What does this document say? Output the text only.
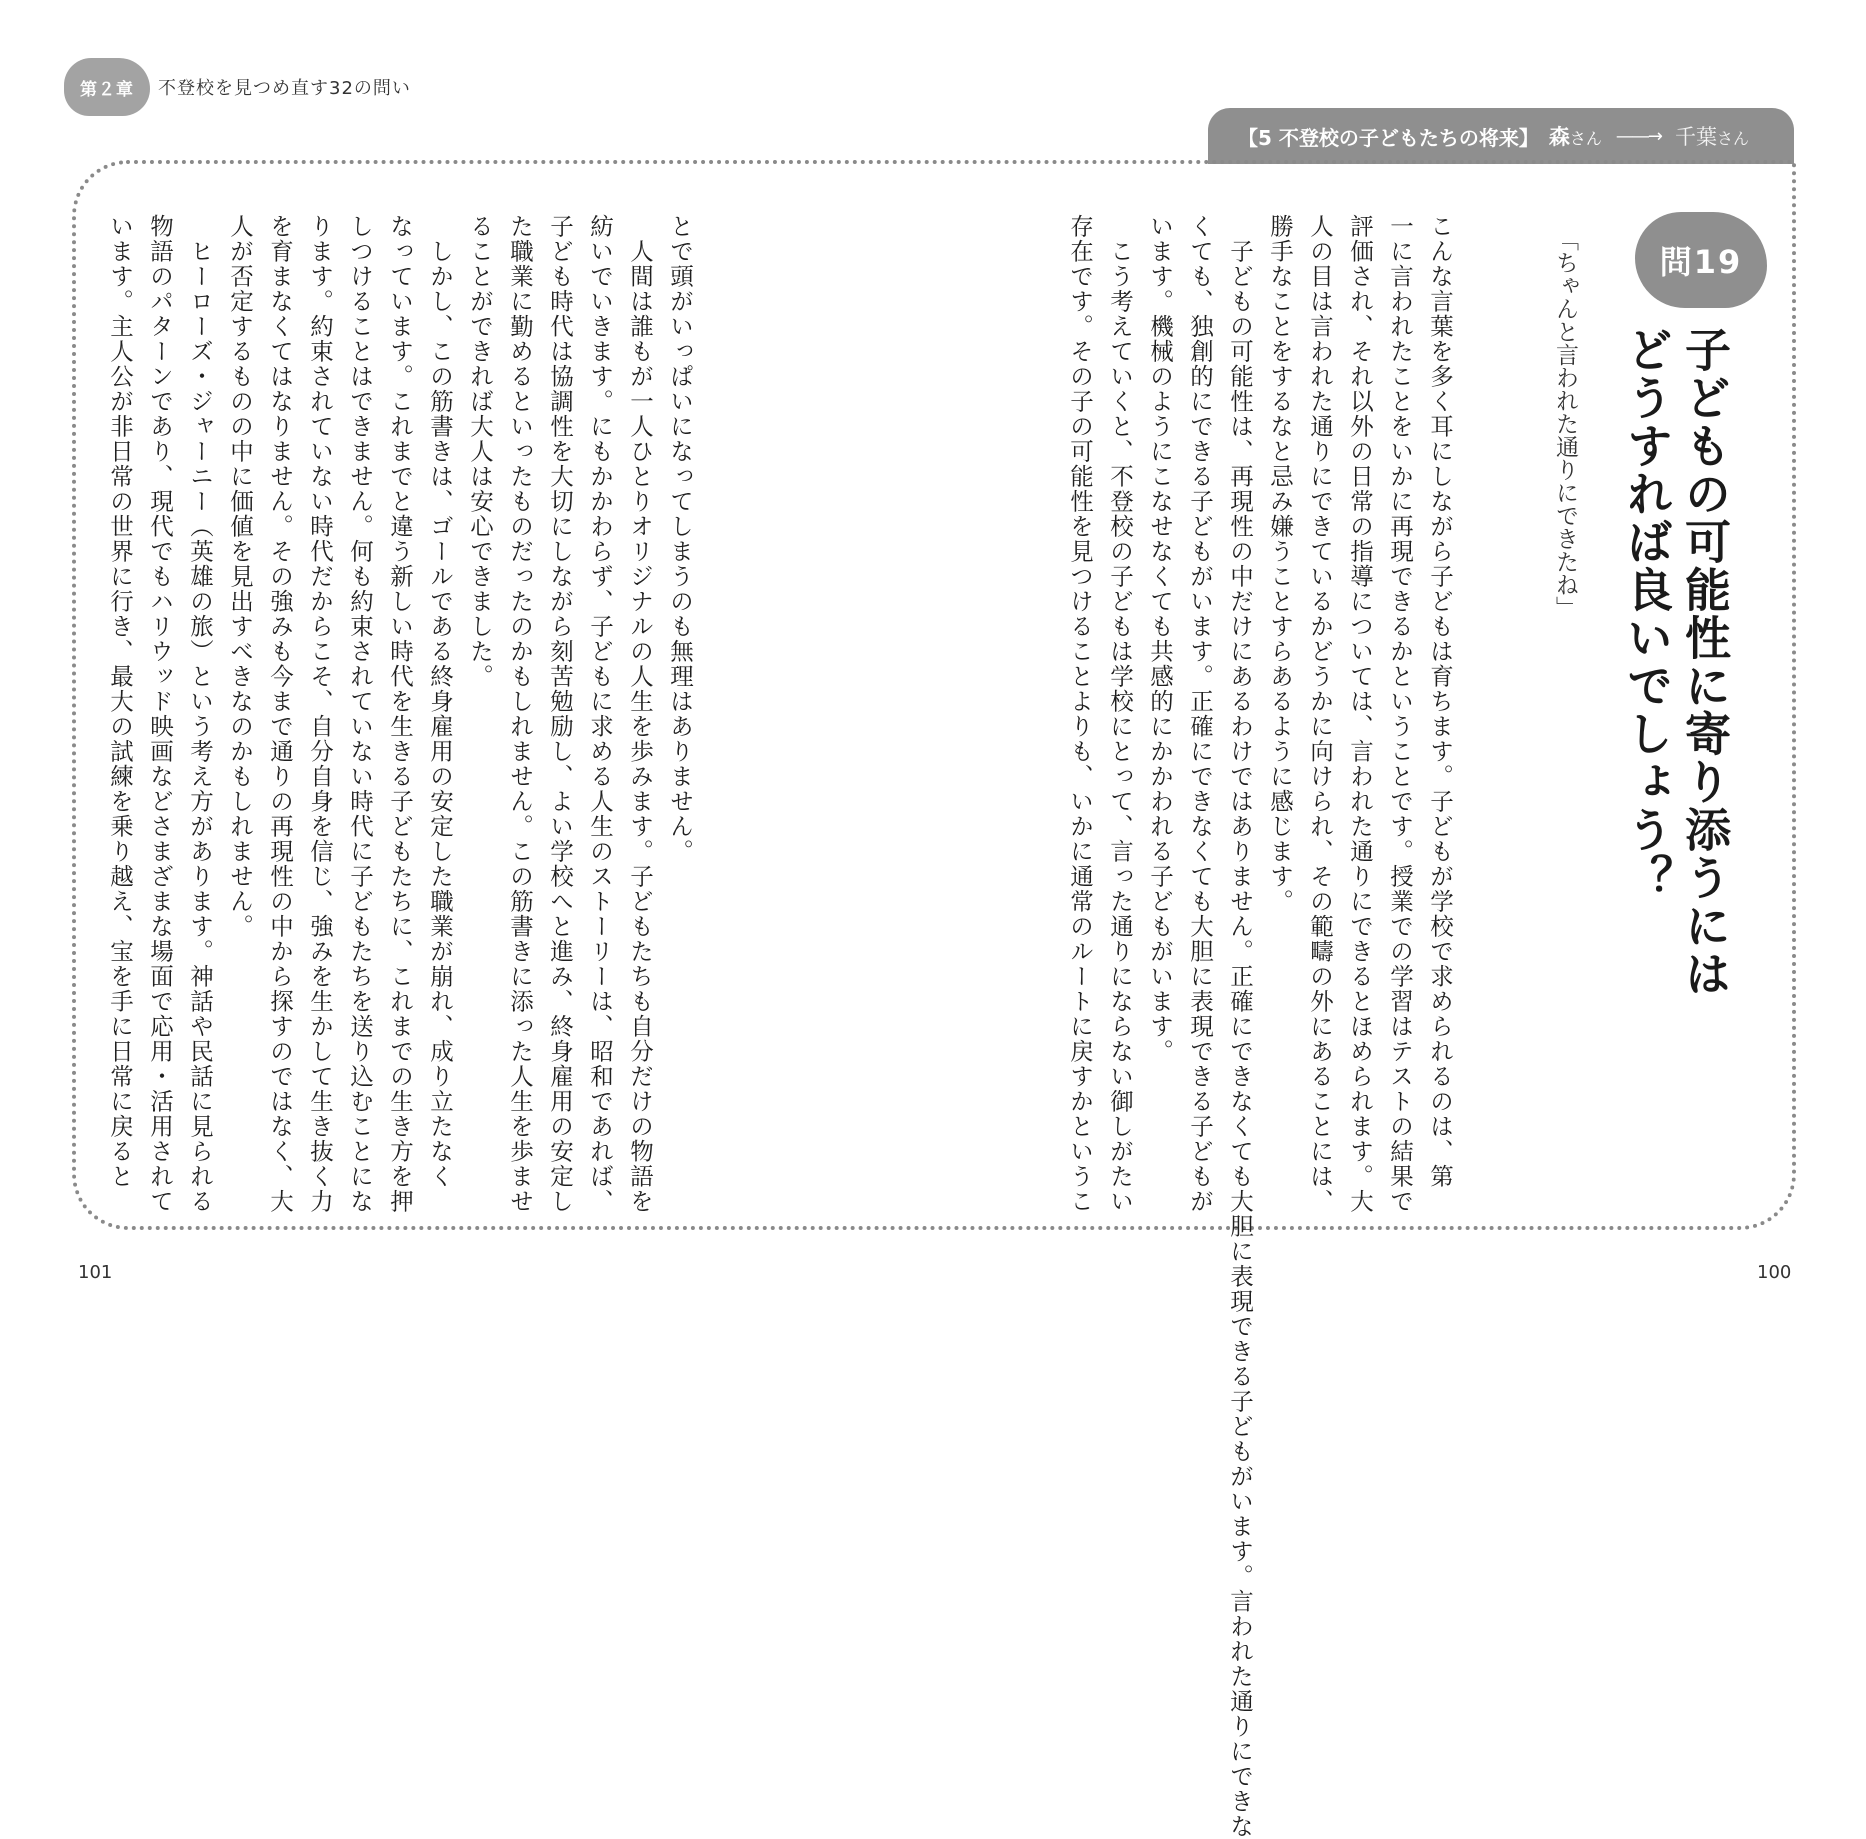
第２章	不登校を見つめ直す32の問い
【5 不登校の子どもたちの将来】 森さん ——→ 千葉さん
問19
子どもの可能性に寄り添うには
どうすれば良いでしょう？
「ちゃんと言われた通りにできたね」
こんな言葉を多く耳にしながら子どもは育ちます。子どもが学校で求められるのは、第
一に言われたことをいかに再現できるかということです。授業での学習はテストの結果で
評価され、それ以外の日常の指導については、言われた通りにできるとほめられます。大
人の目は言われた通りにできているかどうかに向けられ、その範疇の外にあることには、
勝手なことをするなと忌み嫌うことすらあるように感じます。
　子どもの可能性は、再現性の中だけにあるわけではありません。正確にできなくても大胆に表現できる子どもがいます。言われた通りにできな
くても、独創的にできる子どもがいます。正確にできなくても大胆に表現できる子どもが
います。機械のようにこなせなくても共感的にかかわれる子どもがいます。
　こう考えていくと、不登校の子どもは学校にとって、言った通りにならない御しがたい
存在です。その子の可能性を見つけることよりも、いかに通常のルートに戻すかというこ
とで頭がいっぱいになってしまうのも無理はありません。
　人間は誰もが一人ひとりオリジナルの人生を歩みます。子どもたちも自分だけの物語を
紡いでいきます。にもかかわらず、子どもに求める人生のストーリーは、昭和であれば、
子ども時代は協調性を大切にしながら刻苦勉励し、よい学校へと進み、終身雇用の安定し
た職業に勤めるといったものだったのかもしれません。この筋書きに添った人生を歩ませ
ることができれば大人は安心できました。
　しかし、この筋書きは、ゴールである終身雇用の安定した職業が崩れ、成り立たなく
なっています。これまでと違う新しい時代を生きる子どもたちに、これまでの生き方を押
しつけることはできません。何も約束されていない時代に子どもたちを送り込むことにな
ります。約束されていない時代だからこそ、自分自身を信じ、強みを生かして生き抜く力
を育まなくてはなりません。その強みも今まで通りの再現性の中から探すのではなく、大
人が否定するものの中に価値を見出すべきなのかもしれません。
　ヒーローズ・ジャーニー（英雄の旅）という考え方があります。神話や民話に見られる
物語のパターンであり、現代でもハリウッド映画などさまざまな場面で応用・活用されて
います。主人公が非日常の世界に行き、最大の試練を乗り越え、宝を手に日常に戻ると
101	100
